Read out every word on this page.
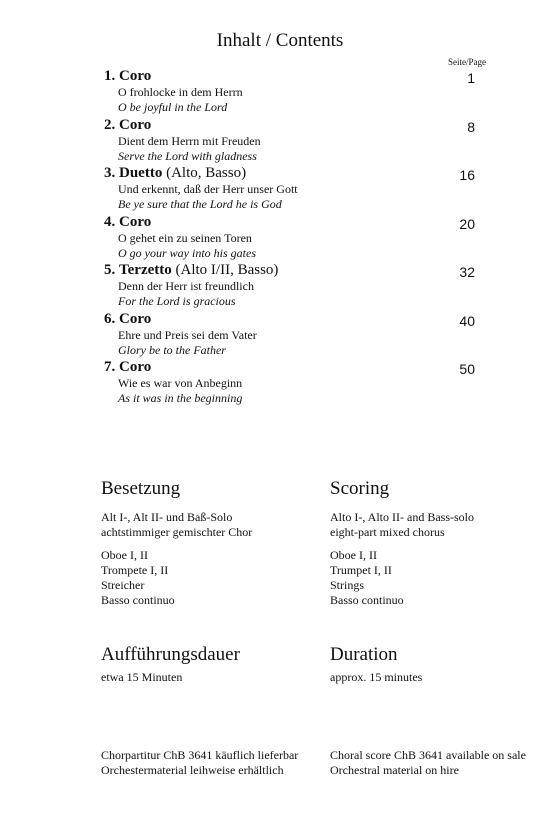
Inhalt / Contents
Seite/Page
1. Coro
O frohlocke in dem Herrn
O be joyful in the Lord
1
2. Coro
Dient dem Herrn mit Freuden
Serve the Lord with gladness
8
3. Duetto (Alto, Basso)
Und erkennt, daß der Herr unser Gott
Be ye sure that the Lord he is God
16
4. Coro
O gehet ein zu seinen Toren
O go your way into his gates
20
5. Terzetto (Alto I/II, Basso)
Denn der Herr ist freundlich
For the Lord is gracious
32
6. Coro
Ehre und Preis sei dem Vater
Glory be to the Father
40
7. Coro
Wie es war von Anbeginn
As it was in the beginning
50
Besetzung
Alt I-, Alt II- und Baß-Solo
achtstimmiger gemischter Chor
Oboe I, II
Trompete I, II
Streicher
Basso continuo
Scoring
Alto I-, Alto II- and Bass-solo
eight-part mixed chorus
Oboe I, II
Trumpet I, II
Strings
Basso continuo
Aufführungsdauer
etwa 15 Minuten
Duration
approx. 15 minutes
Chorpartitur ChB 3641 käuflich lieferbar
Orchestermaterial leihweise erhältlich
Choral score ChB 3641 available on sale
Orchestral material on hire
